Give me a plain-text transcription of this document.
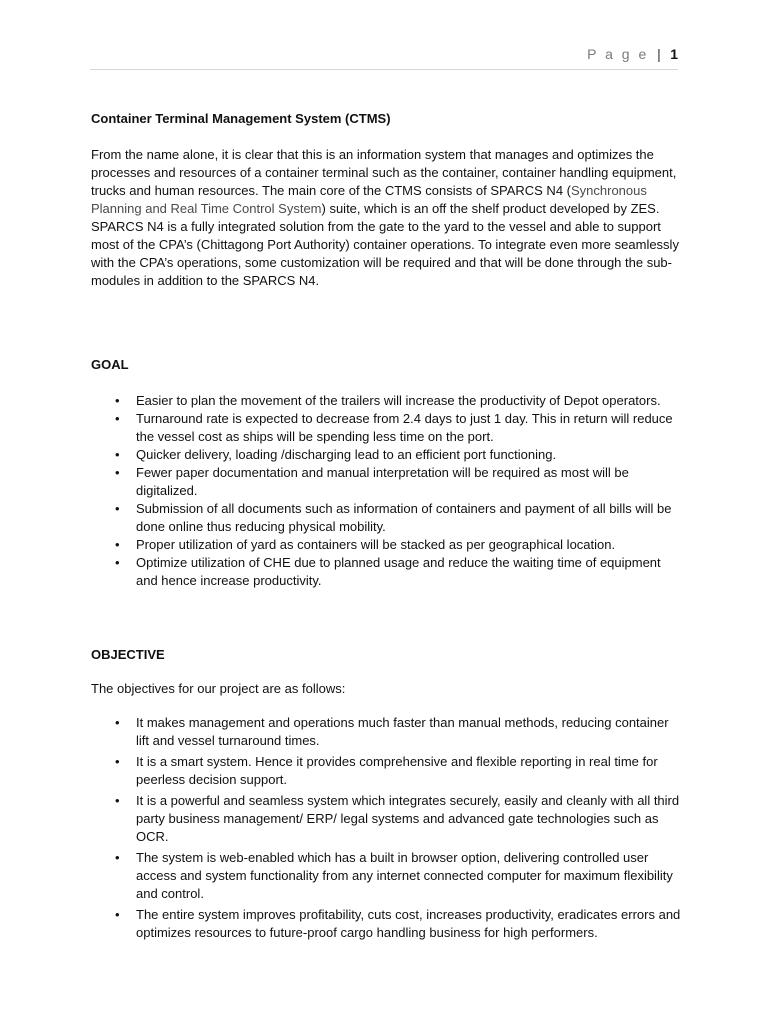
P a g e | 1

Container Terminal Management System (CTMS)

From the name alone, it is clear that this is an information system that manages and optimizes the processes and resources of a container terminal such as the container, container handling equipment, trucks and human resources. The main core of the CTMS consists of SPARCS N4 (Synchronous Planning and Real Time Control System) suite, which is an off the shelf product developed by ZES. SPARCS N4 is a fully integrated solution from the gate to the yard to the vessel and able to support most of the CPA’s (Chittagong Port Authority) container operations. To integrate even more seamlessly with the CPA’s operations, some customization will be required and that will be done through the sub-modules in addition to the SPARCS N4.

GOAL

• Easier to plan the movement of the trailers will increase the productivity of Depot operators.
• Turnaround rate is expected to decrease from 2.4 days to just 1 day. This in return will reduce the vessel cost as ships will be spending less time on the port.
• Quicker delivery, loading /discharging lead to an efficient port functioning.
• Fewer paper documentation and manual interpretation will be required as most will be digitalized.
• Submission of all documents such as information of containers and payment of all bills will be done online thus reducing physical mobility.
• Proper utilization of yard as containers will be stacked as per geographical location.
• Optimize utilization of CHE due to planned usage and reduce the waiting time of equipment and hence increase productivity.

OBJECTIVE

The objectives for our project are as follows:

• It makes management and operations much faster than manual methods, reducing container lift and vessel turnaround times.
• It is a smart system. Hence it provides comprehensive and flexible reporting in real time for peerless decision support.
• It is a powerful and seamless system which integrates securely, easily and cleanly with all third party business management/ ERP/ legal systems and advanced gate technologies such as OCR.
• The system is web-enabled which has a built in browser option, delivering controlled user access and system functionality from any internet connected computer for maximum flexibility and control.
• The entire system improves profitability, cuts cost, increases productivity, eradicates errors and optimizes resources to future-proof cargo handling business for high performers.
